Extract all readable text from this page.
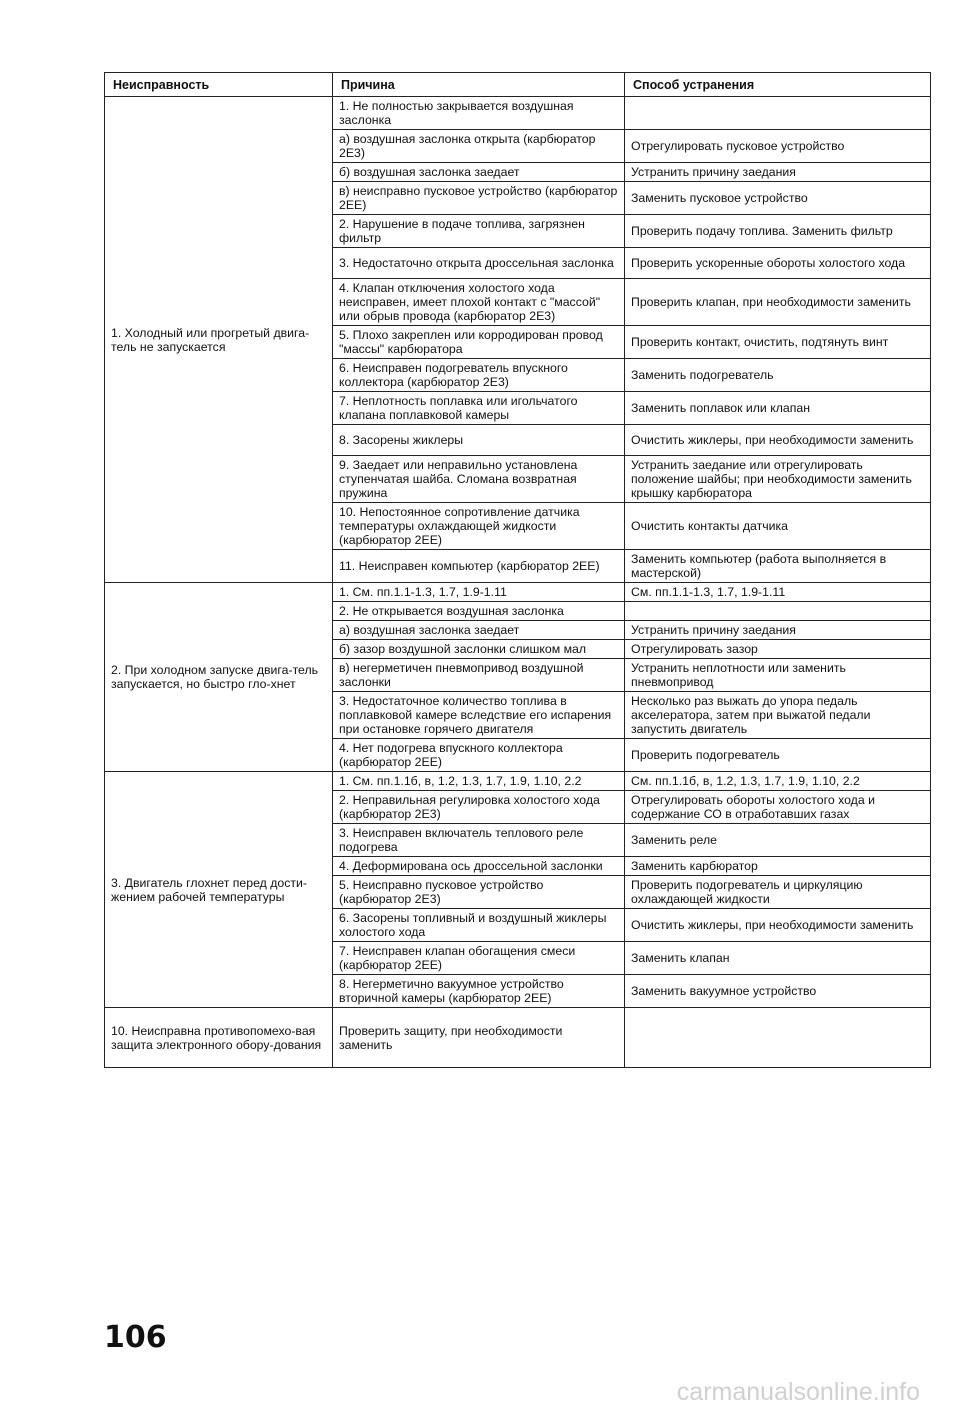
Неисправность	Причина	Способ устранения
1. Холодный или прогретый двига-тель не запускается	1. Не полностью закрывается воздушная заслонка	
	а) воздушная заслонка открыта (карбюратор 2Е3)	Отрегулировать пусковое устройство
	б) воздушная заслонка заедает	Устранить причину заедания
	в) неисправно пусковое устройство (карбюратор 2ЕЕ)	Заменить пусковое устройство
	2. Нарушение в подаче топлива, загрязнен фильтр	Проверить подачу топлива. Заменить фильтр
	3. Недостаточно открыта дроссельная заслонка	Проверить ускоренные обороты холостого хода
	4. Клапан отключения холостого хода неисправен, имеет плохой контакт с "массой" или обрыв провода (карбюратор 2Е3)	Проверить клапан, при необходимости заменить
	5. Плохо закреплен или корродирован провод "массы" карбюратора	Проверить контакт, очистить, подтянуть винт
	6. Неисправен подогреватель впускного коллектора (карбюратор 2Е3)	Заменить подогреватель
	7. Неплотность поплавка или игольчатого клапана поплавковой камеры	Заменить поплавок или клапан
	8. Засорены жиклеры	Очистить жиклеры, при необходимости заменить
	9. Заедает или неправильно установлена ступенчатая шайба. Сломана возвратная пружина	Устранить заедание или отрегулировать положение шайбы; при необходимости заменить крышку карбюратора
	10. Непостоянное сопротивление датчика температуры охлаждающей жидкости (карбюратор 2ЕЕ)	Очистить контакты датчика
	11. Неисправен компьютер (карбюратор 2ЕЕ)	Заменить компьютер (работа выполняется в мастерской)
2. При холодном запуске двига-тель запускается, но быстро гло-хнет	1. См. пп.1.1-1.3, 1.7, 1.9-1.11	См. пп.1.1-1.3, 1.7, 1.9-1.11
	2. Не открывается воздушная заслонка	
	а) воздушная заслонка заедает	Устранить причину заедания
	б) зазор воздушной заслонки слишком мал	Отрегулировать зазор
	в) негерметичен пневмопривод воздушной заслонки	Устранить неплотности или заменить пневмопривод
	3. Недостаточное количество топлива в поплавковой камере вследствие его испарения при остановке горячего двигателя	Несколько раз выжать до упора педаль акселератора, затем при выжатой педали запустить двигатель
	4. Нет подогрева впускного коллектора (карбюратор 2ЕЕ)	Проверить подогреватель
3. Двигатель глохнет перед дости-жением рабочей температуры	1. См. пп.1.1б, в, 1.2, 1.3, 1.7, 1.9, 1.10, 2.2	См. пп.1.1б, в, 1.2, 1.3, 1.7, 1.9, 1.10, 2.2
	2. Неправильная регулировка холостого хода (карбюратор 2Е3)	Отрегулировать обороты холостого хода и содержание СО в отработавших газах
	3. Неисправен включатель теплового реле подогрева	Заменить реле
	4. Деформирована ось дроссельной заслонки	Заменить карбюратор
	5. Неисправно пусковое устройство (карбюратор 2Е3)	Проверить подогреватель и циркуляцию охлаждающей жидкости
	6. Засорены топливный и воздушный жиклеры холостого хода	Очистить жиклеры, при необходимости заменить
	7. Неисправен клапан обогащения смеси (карбюратор 2ЕЕ)	Заменить клапан
	8. Негерметично вакуумное устройство вторичной камеры (карбюратор 2ЕЕ)	Заменить вакуумное устройство
10. Неисправна противопомехо-вая защита электронного обору-дования	Проверить защиту, при необходимости заменить	
106
carmanualsonline.info
